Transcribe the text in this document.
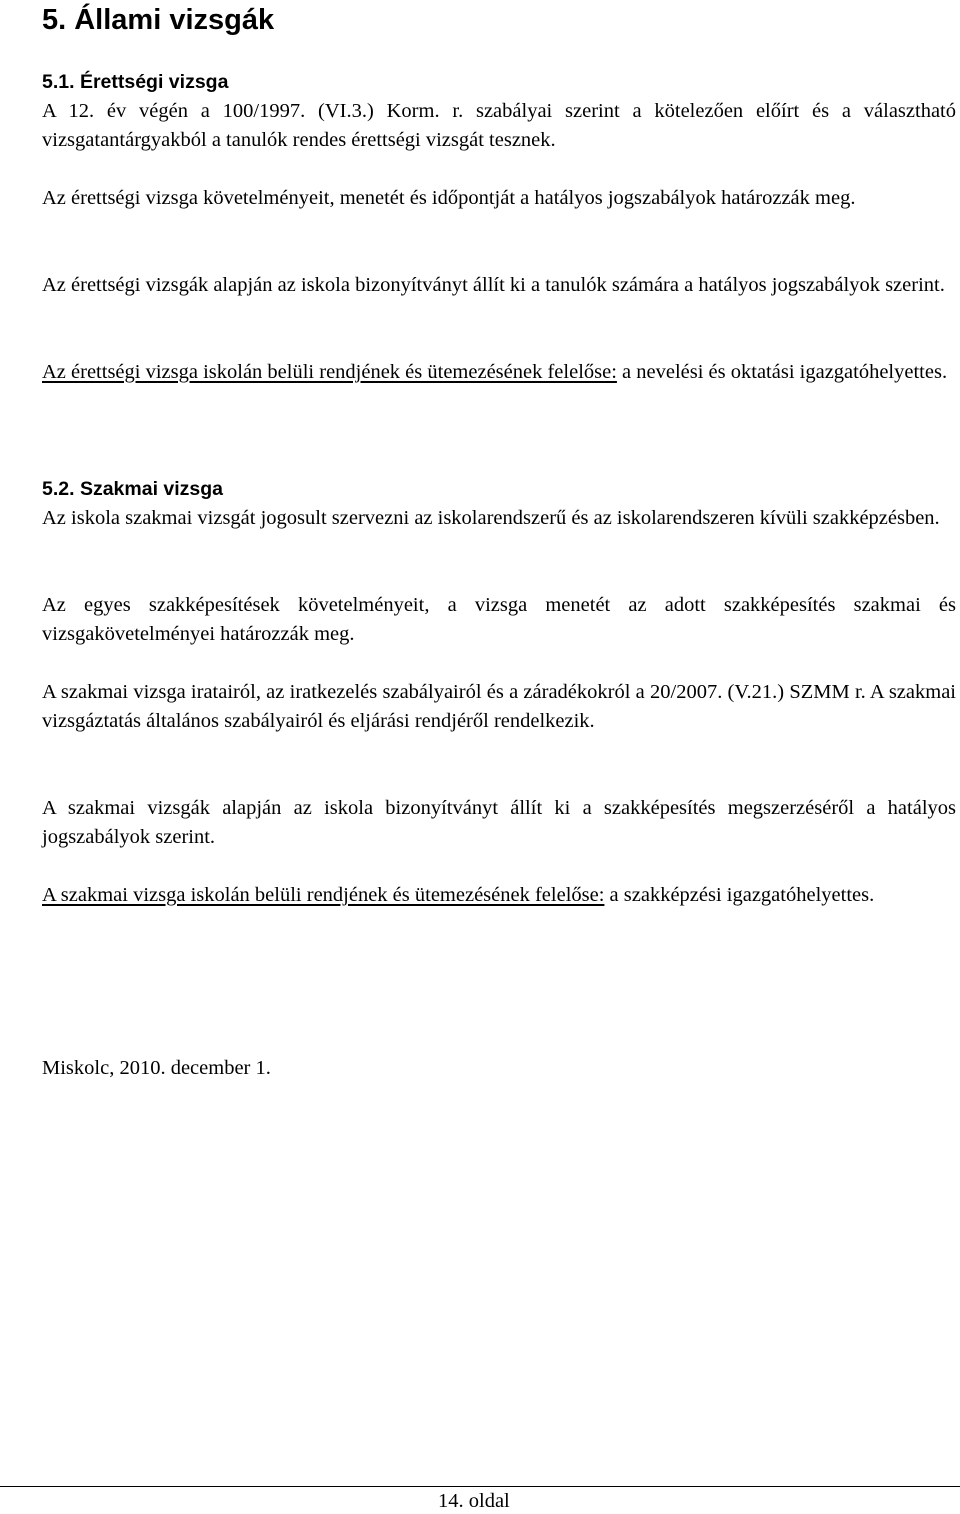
5. Állami vizsgák
5.1. Érettségi vizsga
A 12. év végén a 100/1997. (VI.3.) Korm. r. szabályai szerint a kötelezően előírt és a választható vizsgatantárgyakból a tanulók rendes érettségi vizsgát tesznek.
Az érettségi vizsga követelményeit, menetét és időpontját a hatályos jogszabályok határozzák meg.
Az érettségi vizsgák alapján az iskola bizonyítványt állít ki a tanulók számára a hatályos jogszabályok szerint.
Az érettségi vizsga iskolán belüli rendjének és ütemezésének felelőse: a nevelési és oktatási igazgatóhelyettes.
5.2. Szakmai vizsga
Az iskola szakmai vizsgát jogosult szervezni az iskolarendszerű és az iskolarendszeren kívüli szakképzésben.
Az egyes szakképesítések követelményeit, a vizsga menetét az adott szakképesítés szakmai és vizsgakövetelményei határozzák meg.
A szakmai vizsga iratairól, az iratkezelés szabályairól és a záradékokról a 20/2007. (V.21.) SZMM r. A szakmai vizsgáztatás általános szabályairól és eljárási rendjéről rendelkezik.
A szakmai vizsgák alapján az iskola bizonyítványt állít ki a szakképesítés megszerzéséről a hatályos jogszabályok szerint.
A szakmai vizsga iskolán belüli rendjének és ütemezésének felelőse: a szakképzési igazgatóhelyettes.
Miskolc, 2010. december 1.
14. oldal
